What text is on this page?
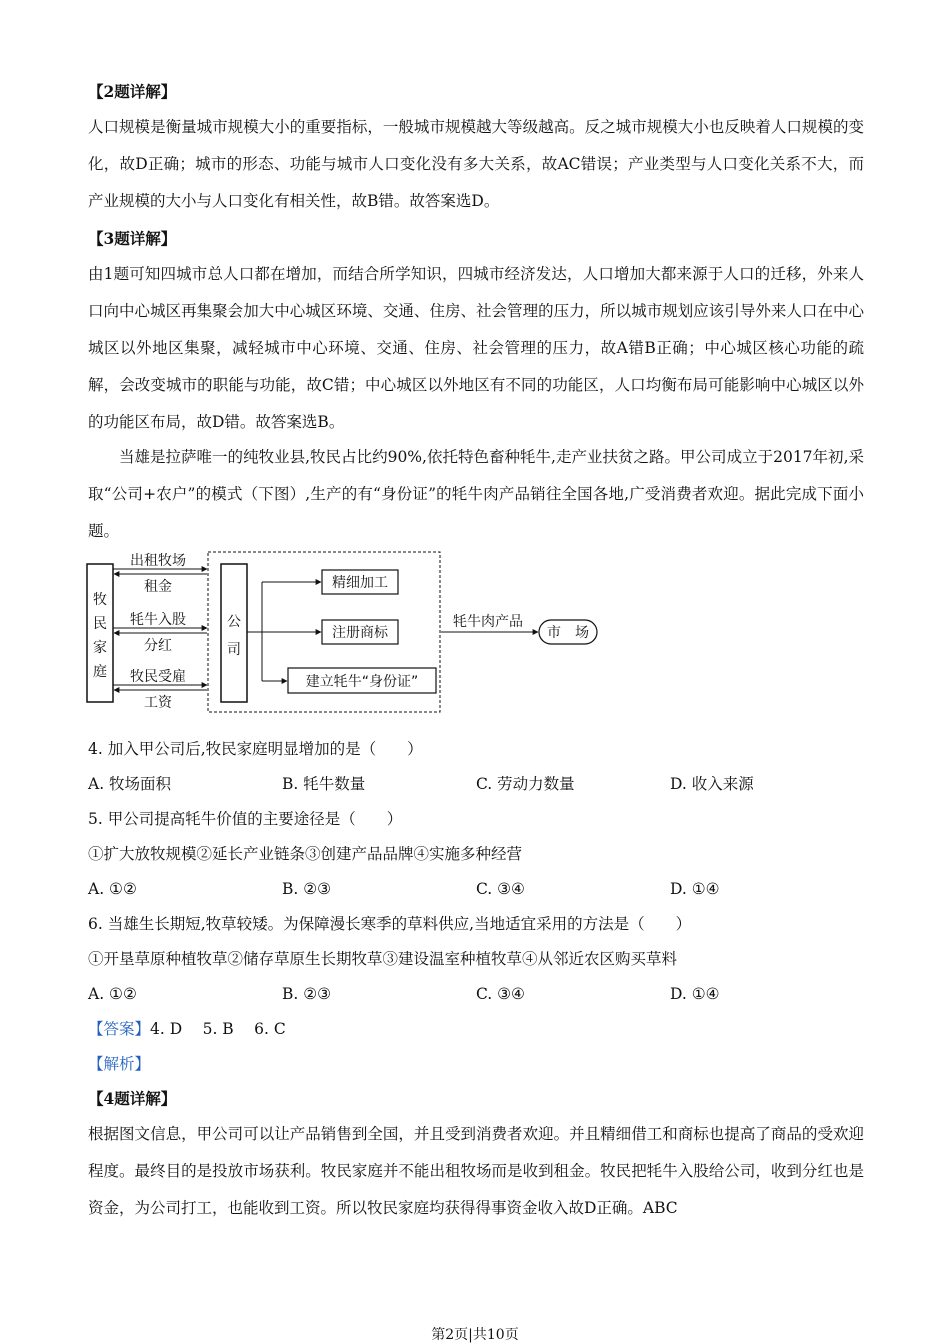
【2题详解】
人口规模是衡量城市规模大小的重要指标，一般城市规模越大等级越高。反之城市规模大小也反映着人口规模的变化，故D正确；城市的形态、功能与城市人口变化没有多大关系，故AC错误；产业类型与人口变化关系不大，而产业规模的大小与人口变化有相关性，故B错。故答案选D。
【3题详解】
由1题可知四城市总人口都在增加，而结合所学知识，四城市经济发达，人口增加大都来源于人口的迁移，外来人口向中心城区再集聚会加大中心城区环境、交通、住房、社会管理的压力，所以城市规划应该引导外来人口在中心城区以外地区集聚，减轻城市中心环境、交通、住房、社会管理的压力，故A错B正确；中心城区核心功能的疏解，会改变城市的职能与功能，故C错；中心城区以外地区有不同的功能区，人口均衡布局可能影响中心城区以外的功能区布局，故D错。故答案选B。
当雄是拉萨唯一的纯牧业县,牧民占比约90%,依托特色畜种牦牛,走产业扶贫之路。甲公司成立于2017年初,采取“公司+农户”的模式（下图）,生产的有“身份证”的牦牛肉产品销往全国各地,广受消费者欢迎。据此完成下面小题。
牧
民
家
庭
公
司
出租牧场
租金
牦牛入股
分红
牧民受雇
工资
精细加工
注册商标
建立牦牛“身份证”
牦牛肉产品
市　场
4. 加入甲公司后,牧民家庭明显增加的是（　　）
A. 牧场面积	B. 牦牛数量	C. 劳动力数量	D. 收入来源
5. 甲公司提高牦牛价值的主要途径是（　　）
①扩大放牧规模②延长产业链条③创建产品品牌④实施多种经营
A. ①②	B. ②③	C. ③④	D. ①④
6. 当雄生长期短,牧草较矮。为保障漫长寒季的草料供应,当地适宜采用的方法是（　　）
①开垦草原种植牧草②储存草原生长期牧草③建设温室种植牧草④从邻近农区购买草料
A. ①②	B. ②③	C. ③④	D. ①④
【答案】4. D　 5. B　 6. C
【解析】
【4题详解】
根据图文信息，甲公司可以让产品销售到全国，并且受到消费者欢迎。并且精细借工和商标也提高了商品的受欢迎程度。最终目的是投放市场获利。牧民家庭并不能出租牧场而是收到租金。牧民把牦牛入股给公司，收到分红也是资金，为公司打工，也能收到工资。所以牧民家庭均获得得事资金收入故D正确。ABC
第2页|共10页
